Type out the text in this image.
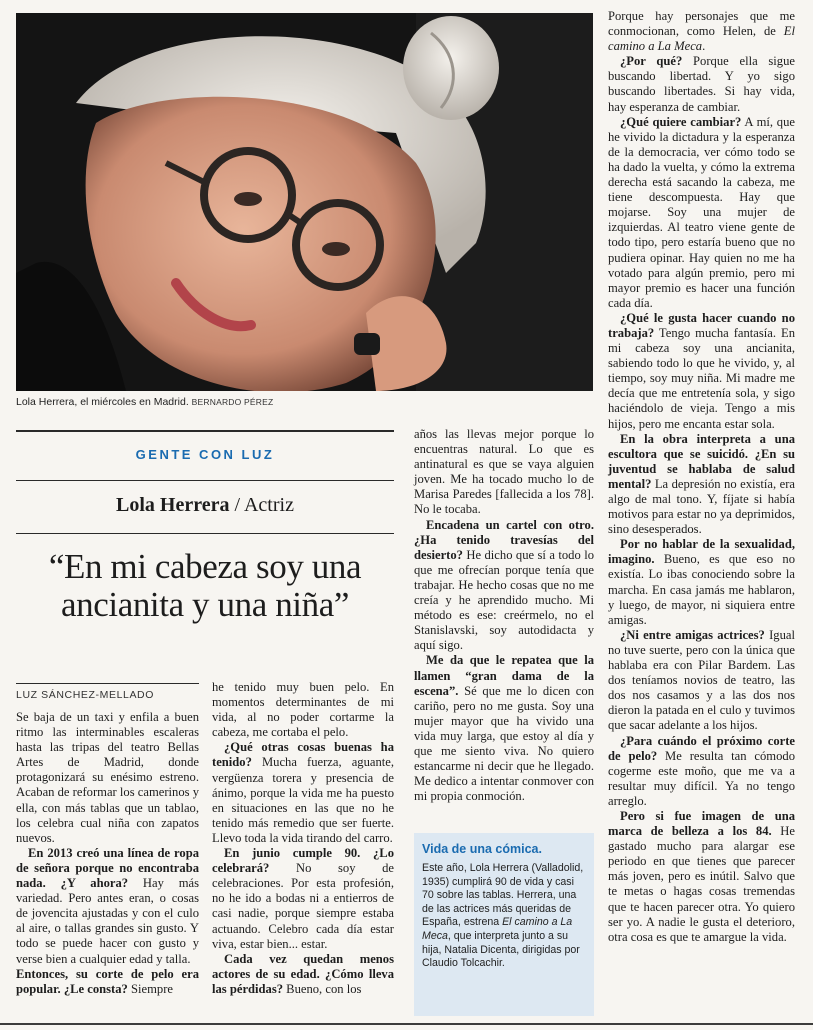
Lola Herrera, el miércoles en Madrid. BERNARDO PÉREZ
GENTE CON LUZ
Lola Herrera / Actriz
“En mi cabeza soy una ancianita y una niña”
LUZ SÁNCHEZ-MELLADO

Se baja de un taxi y enfila a buen ritmo las interminables escaleras hasta las tripas del teatro Bellas Artes de Madrid, donde protagonizará su enésimo estreno. Acaban de reformar los camerinos y ella, con más tablas que un tablao, los celebra cual niña con zapatos nuevos.

En 2013 creó una línea de ropa de señora porque no encontraba nada. ¿Y ahora? Hay más variedad. Pero antes eran, o cosas de jovencita ajustadas y con el culo al aire, o tallas grandes sin gusto. Y todo se puede hacer con gusto y verse bien a cualquier edad y talla.

Entonces, su corte de pelo era popular. ¿Le consta? Siempre

he tenido muy buen pelo. En momentos determinantes de mi vida, al no poder cortarme la cabeza, me cortaba el pelo.

¿Qué otras cosas buenas ha tenido? Mucha fuerza, aguante, vergüenza torera y presencia de ánimo, porque la vida me ha puesto en situaciones en las que no he tenido más remedio que ser fuerte. Llevo toda la vida tirando del carro.

En junio cumple 90. ¿Lo celebrará? No soy de celebraciones. Por esta profesión, no he ido a bodas ni a entierros de casi nadie, porque siempre estaba actuando. Celebro cada día estar viva, estar bien... estar.

Cada vez quedan menos actores de su edad. ¿Cómo lleva las pérdidas? Bueno, con los

años las llevas mejor porque lo encuentras natural. Lo que es antinatural es que se vaya alguien joven. Me ha tocado mucho lo de Marisa Paredes [fallecida a los 78]. No le tocaba.

Encadena un cartel con otro. ¿Ha tenido travesías del desierto? He dicho que sí a todo lo que me ofrecían porque tenía que trabajar. He hecho cosas que no me creía y he aprendido mucho. Mi método es ese: creérmelo, no el Stanislavski, soy autodidacta y aquí sigo.

Me da que le repatea que la llamen “gran dama de la escena”. Sé que me lo dicen con cariño, pero no me gusta. Soy una mujer mayor que ha vivido una vida muy larga, que estoy al día y que me siento viva. No quiero estancarme ni decir que he llegado. Me dedico a intentar conmover con mi propia conmoción.

Vida de una cómica.
Este año, Lola Herrera (Valladolid, 1935) cumplirá 90 de vida y casi 70 sobre las tablas. Herrera, una de las actrices más queridas de España, estrena El camino a La Meca, que interpreta junto a su hija, Natalia Dicenta, dirigidas por Claudio Tolcachir.

Porque hay personajes que me conmocionan, como Helen, de El camino a La Meca.

¿Por qué? Porque ella sigue buscando libertad. Y yo sigo buscando libertades. Si hay vida, hay esperanza de cambiar.

¿Qué quiere cambiar? A mí, que he vivido la dictadura y la esperanza de la democracia, ver cómo todo se ha dado la vuelta, y cómo la extrema derecha está sacando la cabeza, me tiene descompuesta. Hay que mojarse. Soy una mujer de izquierdas. Al teatro viene gente de todo tipo, pero estaría bueno que no pudiera opinar. Hay quien no me ha votado para algún premio, pero mi mayor premio es hacer una función cada día.

¿Qué le gusta hacer cuando no trabaja? Tengo mucha fantasía. En mi cabeza soy una ancianita, sabiendo todo lo que he vivido, y, al tiempo, soy muy niña. Mi madre me decía que me entretenía sola, y sigo haciéndolo de vieja. Tengo a mis hijos, pero me encanta estar sola.

En la obra interpreta a una escultora que se suicidó. ¿En su juventud se hablaba de salud mental? La depresión no existía, era algo de mal tono. Y, fíjate si había motivos para estar no ya deprimidos, sino desesperados.

Por no hablar de la sexualidad, imagino. Bueno, es que eso no existía. Lo ibas conociendo sobre la marcha. En casa jamás me hablaron, y luego, de mayor, ni siquiera entre amigas.

¿Ni entre amigas actrices? Igual no tuve suerte, pero con la única que hablaba era con Pilar Bardem. Las dos teníamos novios de teatro, las dos nos casamos y a las dos nos dieron la patada en el culo y tuvimos que sacar adelante a los hijos.

¿Para cuándo el próximo corte de pelo? Me resulta tan cómodo cogerme este moño, que me va a resultar muy difícil. Ya no tengo arreglo.

Pero si fue imagen de una marca de belleza a los 84. He gastado mucho para alargar ese periodo en que tienes que parecer más joven, pero es inútil. Salvo que te metas o hagas cosas tremendas que te hacen parecer otra. Yo quiero ser yo. A nadie le gusta el deterioro, otra cosa es que te amargue la vida.
